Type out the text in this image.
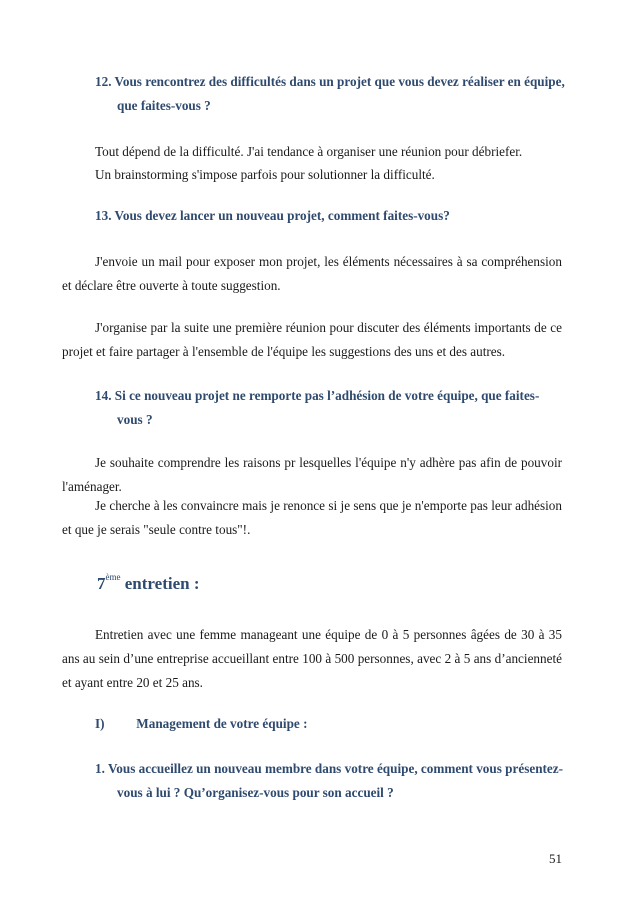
12. Vous rencontrez des difficultés dans un projet que vous devez réaliser en équipe,
que faites-vous ?
Tout dépend de la difficulté. J'ai tendance à organiser une réunion pour débriefer.
Un brainstorming s'impose parfois pour solutionner la difficulté.
13. Vous devez lancer un nouveau projet, comment faites-vous?
J'envoie un mail pour exposer mon projet, les éléments nécessaires à sa compréhension et déclare être ouverte à toute suggestion.
J'organise par la suite une première réunion pour discuter des éléments importants de ce projet et faire partager à l'ensemble de l'équipe les suggestions des uns et des autres.
14. Si ce nouveau projet ne remporte pas l’adhésion de votre équipe, que faites-
vous ?
Je souhaite comprendre les raisons pr lesquelles l'équipe n'y adhère pas afin de pouvoir l'aménager.
Je cherche à les convaincre mais je renonce si je sens que je n'emporte pas leur adhésion et que je serais "seule contre tous"!.
7ème entretien :
Entretien avec une femme manageant une équipe de 0 à 5 personnes âgées de 30 à 35 ans au sein d’une entreprise accueillant entre 100 à 500 personnes, avec 2 à 5 ans d’ancienneté et ayant entre 20 et 25 ans.
I) Management de votre équipe :
1. Vous accueillez un nouveau membre dans votre équipe, comment vous présentez-
vous à lui ? Qu’organisez-vous pour son accueil ?
51
